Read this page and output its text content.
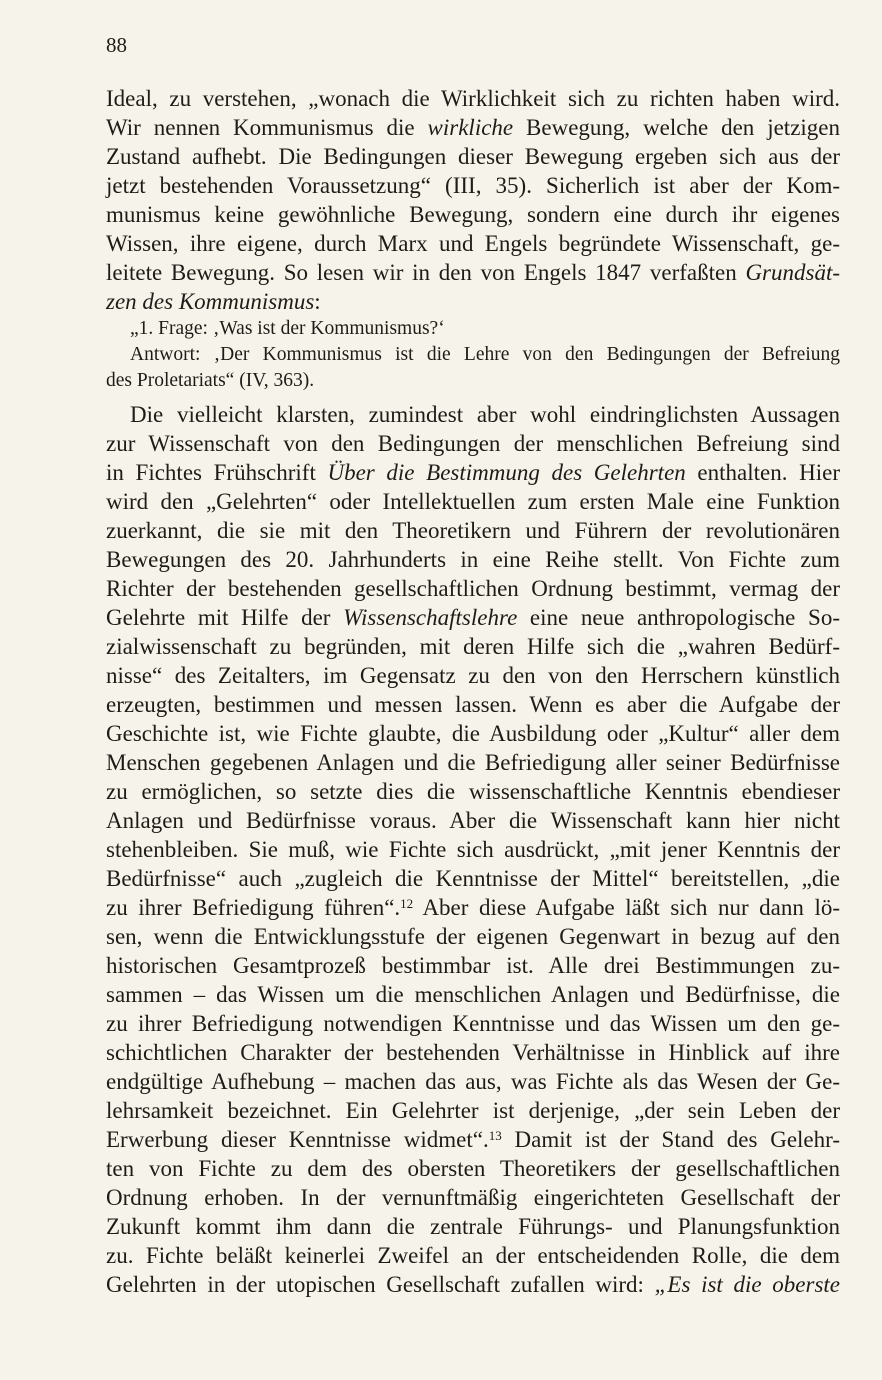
88
Ideal, zu verstehen, „wonach die Wirklichkeit sich zu richten haben wird.
Wir nennen Kommunismus die wirkliche Bewegung, welche den jetzigen
Zustand aufhebt. Die Bedingungen dieser Bewegung ergeben sich aus der
jetzt bestehenden Voraussetzung“ (III, 35). Sicherlich ist aber der Kom-
munismus keine gewöhnliche Bewegung, sondern eine durch ihr eigenes
Wissen, ihre eigene, durch Marx und Engels begründete Wissenschaft, ge-
leitete Bewegung. So lesen wir in den von Engels 1847 verfaßten Grundsät-
zen des Kommunismus:
„1. Frage: ‚Was ist der Kommunismus?‘
Antwort: ‚Der Kommunismus ist die Lehre von den Bedingungen der Befreiung
des Proletariats“ (IV, 363).
Die vielleicht klarsten, zumindest aber wohl eindringlichsten Aussagen
zur Wissenschaft von den Bedingungen der menschlichen Befreiung sind
in Fichtes Frühschrift Über die Bestimmung des Gelehrten enthalten. Hier
wird den „Gelehrten“ oder Intellektuellen zum ersten Male eine Funktion
zuerkannt, die sie mit den Theoretikern und Führern der revolutionären
Bewegungen des 20. Jahrhunderts in eine Reihe stellt. Von Fichte zum
Richter der bestehenden gesellschaftlichen Ordnung bestimmt, vermag der
Gelehrte mit Hilfe der Wissenschaftslehre eine neue anthropologische So-
zialwissenschaft zu begründen, mit deren Hilfe sich die „wahren Bedürf-
nisse“ des Zeitalters, im Gegensatz zu den von den Herrschern künstlich
erzeugten, bestimmen und messen lassen. Wenn es aber die Aufgabe der
Geschichte ist, wie Fichte glaubte, die Ausbildung oder „Kultur“ aller dem
Menschen gegebenen Anlagen und die Befriedigung aller seiner Bedürfnisse
zu ermöglichen, so setzte dies die wissenschaftliche Kenntnis ebendieser
Anlagen und Bedürfnisse voraus. Aber die Wissenschaft kann hier nicht
stehenbleiben. Sie muß, wie Fichte sich ausdrückt, „mit jener Kenntnis der
Bedürfnisse“ auch „zugleich die Kenntnisse der Mittel“ bereitstellen, „die
zu ihrer Befriedigung führen“.$^{12}$ Aber diese Aufgabe läßt sich nur dann lö-
sen, wenn die Entwicklungsstufe der eigenen Gegenwart in bezug auf den
historischen Gesamtprozeß bestimmbar ist. Alle drei Bestimmungen zu-
sammen – das Wissen um die menschlichen Anlagen und Bedürfnisse, die
zu ihrer Befriedigung notwendigen Kenntnisse und das Wissen um den ge-
schichtlichen Charakter der bestehenden Verhältnisse in Hinblick auf ihre
endgültige Aufhebung – machen das aus, was Fichte als das Wesen der Ge-
lehrsamkeit bezeichnet. Ein Gelehrter ist derjenige, „der sein Leben der
Erwerbung dieser Kenntnisse widmet“.$^{13}$ Damit ist der Stand des Gelehr-
ten von Fichte zu dem des obersten Theoretikers der gesellschaftlichen
Ordnung erhoben. In der vernunftmäßig eingerichteten Gesellschaft der
Zukunft kommt ihm dann die zentrale Führungs- und Planungsfunktion
zu. Fichte beläßt keinerlei Zweifel an der entscheidenden Rolle, die dem
Gelehrten in der utopischen Gesellschaft zufallen wird: „Es ist die oberste
